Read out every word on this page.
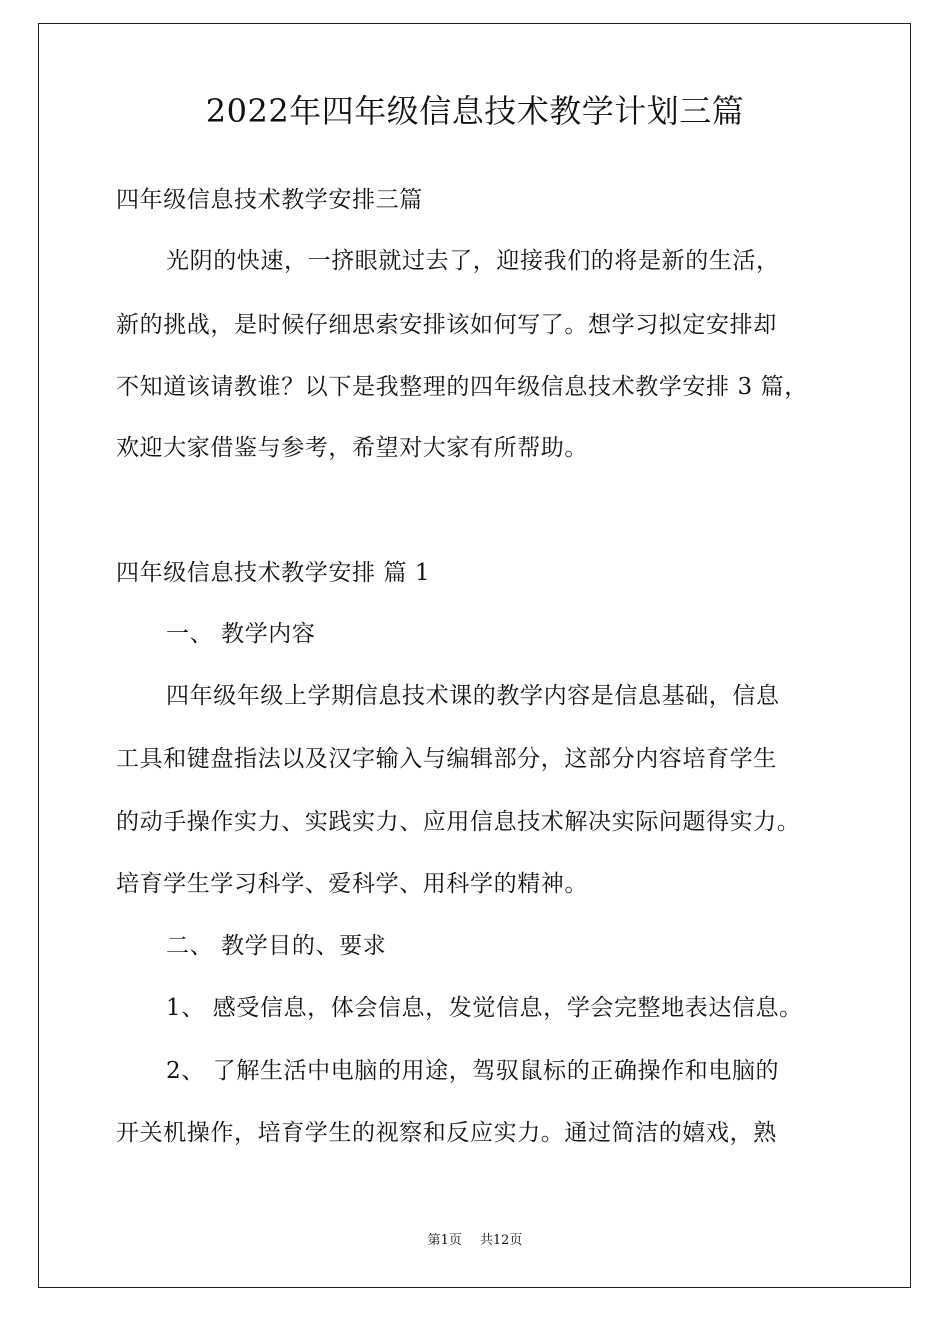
2022年四年级信息技术教学计划三篇
四年级信息技术教学安排三篇
光阴的快速，一挤眼就过去了，迎接我们的将是新的生活，
新的挑战，是时候仔细思索安排该如何写了。想学习拟定安排却
不知道该请教谁？以下是我整理的四年级信息技术教学安排 3 篇，
欢迎大家借鉴与参考，希望对大家有所帮助。
四年级信息技术教学安排 篇 1
一、 教学内容
四年级年级上学期信息技术课的教学内容是信息基础，信息
工具和键盘指法以及汉字输入与编辑部分，这部分内容培育学生
的动手操作实力、实践实力、应用信息技术解决实际问题得实力。
培育学生学习科学、爱科学、用科学的精神。
二、 教学目的、要求
1、 感受信息，体会信息，发觉信息，学会完整地表达信息。
2、 了解生活中电脑的用途，驾驭鼠标的正确操作和电脑的
开关机操作，培育学生的视察和反应实力。通过简洁的嬉戏，熟
第1页 共12页
